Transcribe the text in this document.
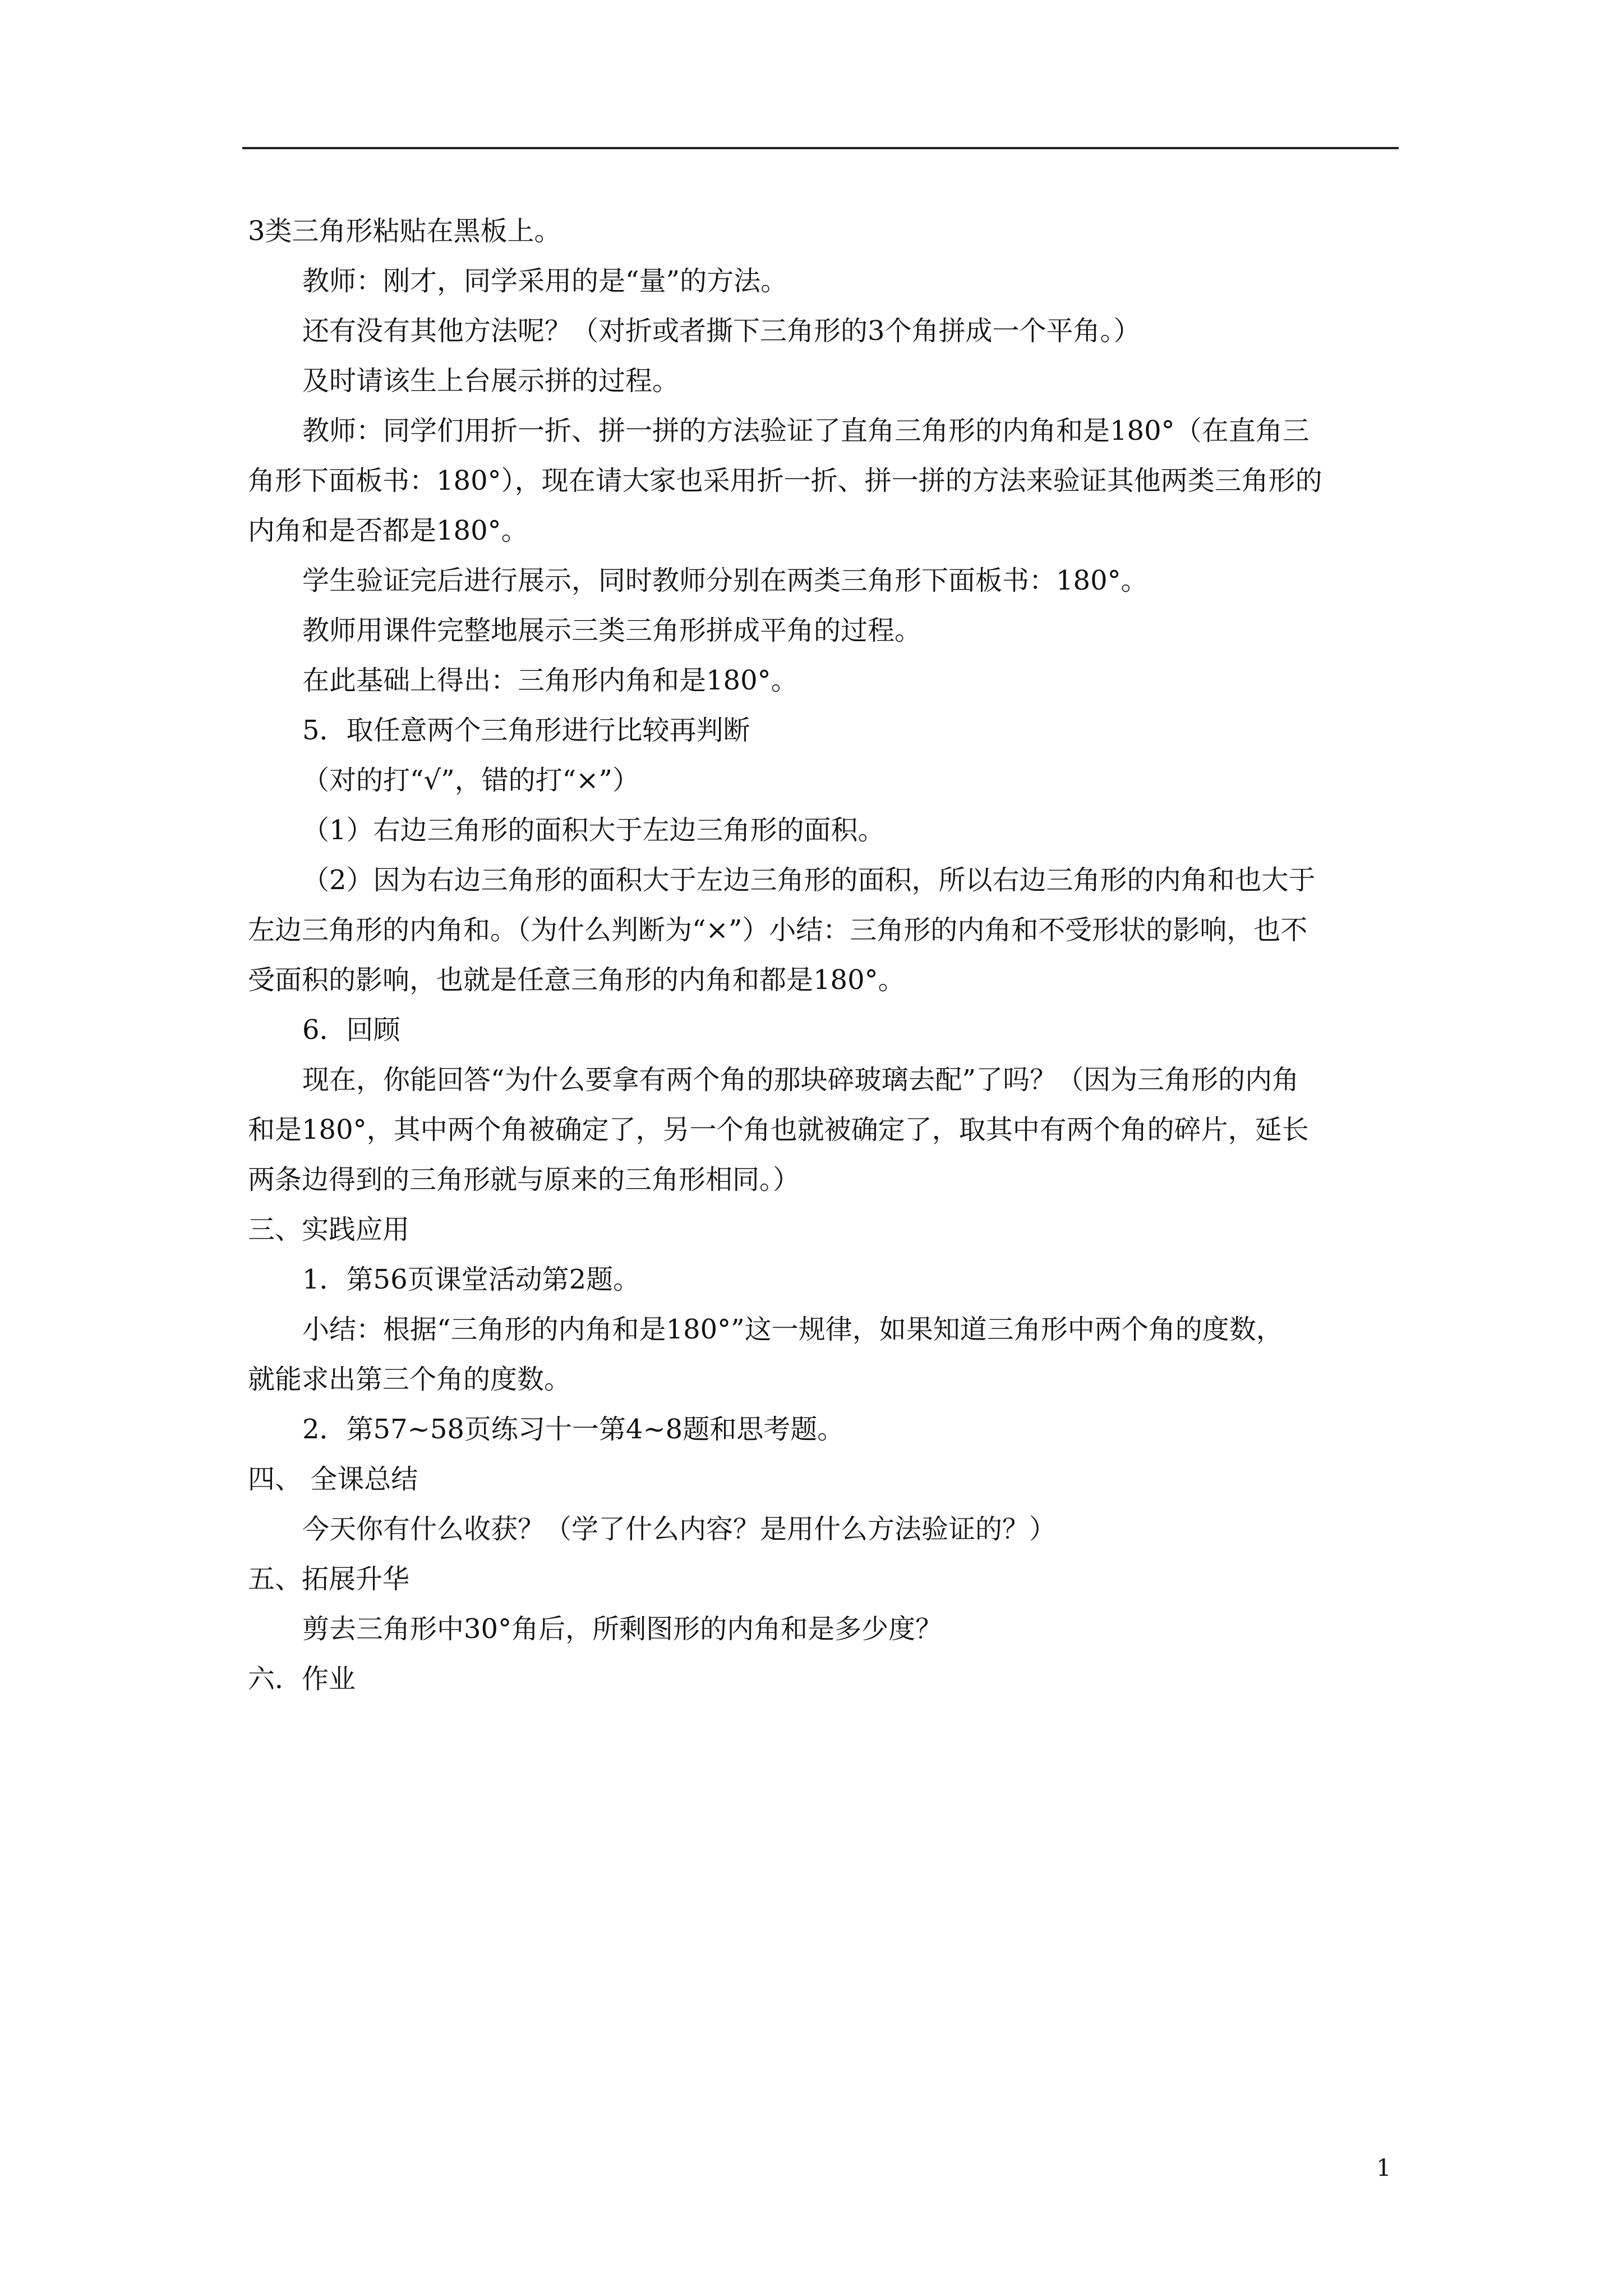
3类三角形粘贴在黑板上。
教师：刚才，同学采用的是“量”的方法。
还有没有其他方法呢？（对折或者撕下三角形的3个角拼成一个平角。）
及时请该生上台展示拼的过程。
教师：同学们用折一折、拼一拼的方法验证了直角三角形的内角和是180°（在直角三
角形下面板书：180°），现在请大家也采用折一折、拼一拼的方法来验证其他两类三角形的
内角和是否都是180°。
学生验证完后进行展示，同时教师分别在两类三角形下面板书：180°。
教师用课件完整地展示三类三角形拼成平角的过程。
在此基础上得出：三角形内角和是180°。
5．取任意两个三角形进行比较再判断
（对的打“√”，错的打“×”）
（1）右边三角形的面积大于左边三角形的面积。
（2）因为右边三角形的面积大于左边三角形的面积，所以右边三角形的内角和也大于
左边三角形的内角和。（为什么判断为“×”）小结：三角形的内角和不受形状的影响，也不
受面积的影响，也就是任意三角形的内角和都是180°。
6．回顾
现在，你能回答“为什么要拿有两个角的那块碎玻璃去配”了吗？（因为三角形的内角
和是180°，其中两个角被确定了，另一个角也就被确定了，取其中有两个角的碎片，延长
两条边得到的三角形就与原来的三角形相同。）
三、实践应用
1．第56页课堂活动第2题。
小结：根据“三角形的内角和是180°”这一规律，如果知道三角形中两个角的度数，
就能求出第三个角的度数。
2．第57~58页练习十一第4~8题和思考题。
四、 全课总结
今天你有什么收获？（学了什么内容？是用什么方法验证的？）
五、拓展升华
剪去三角形中30°角后，所剩图形的内角和是多少度？
六．作业
1
